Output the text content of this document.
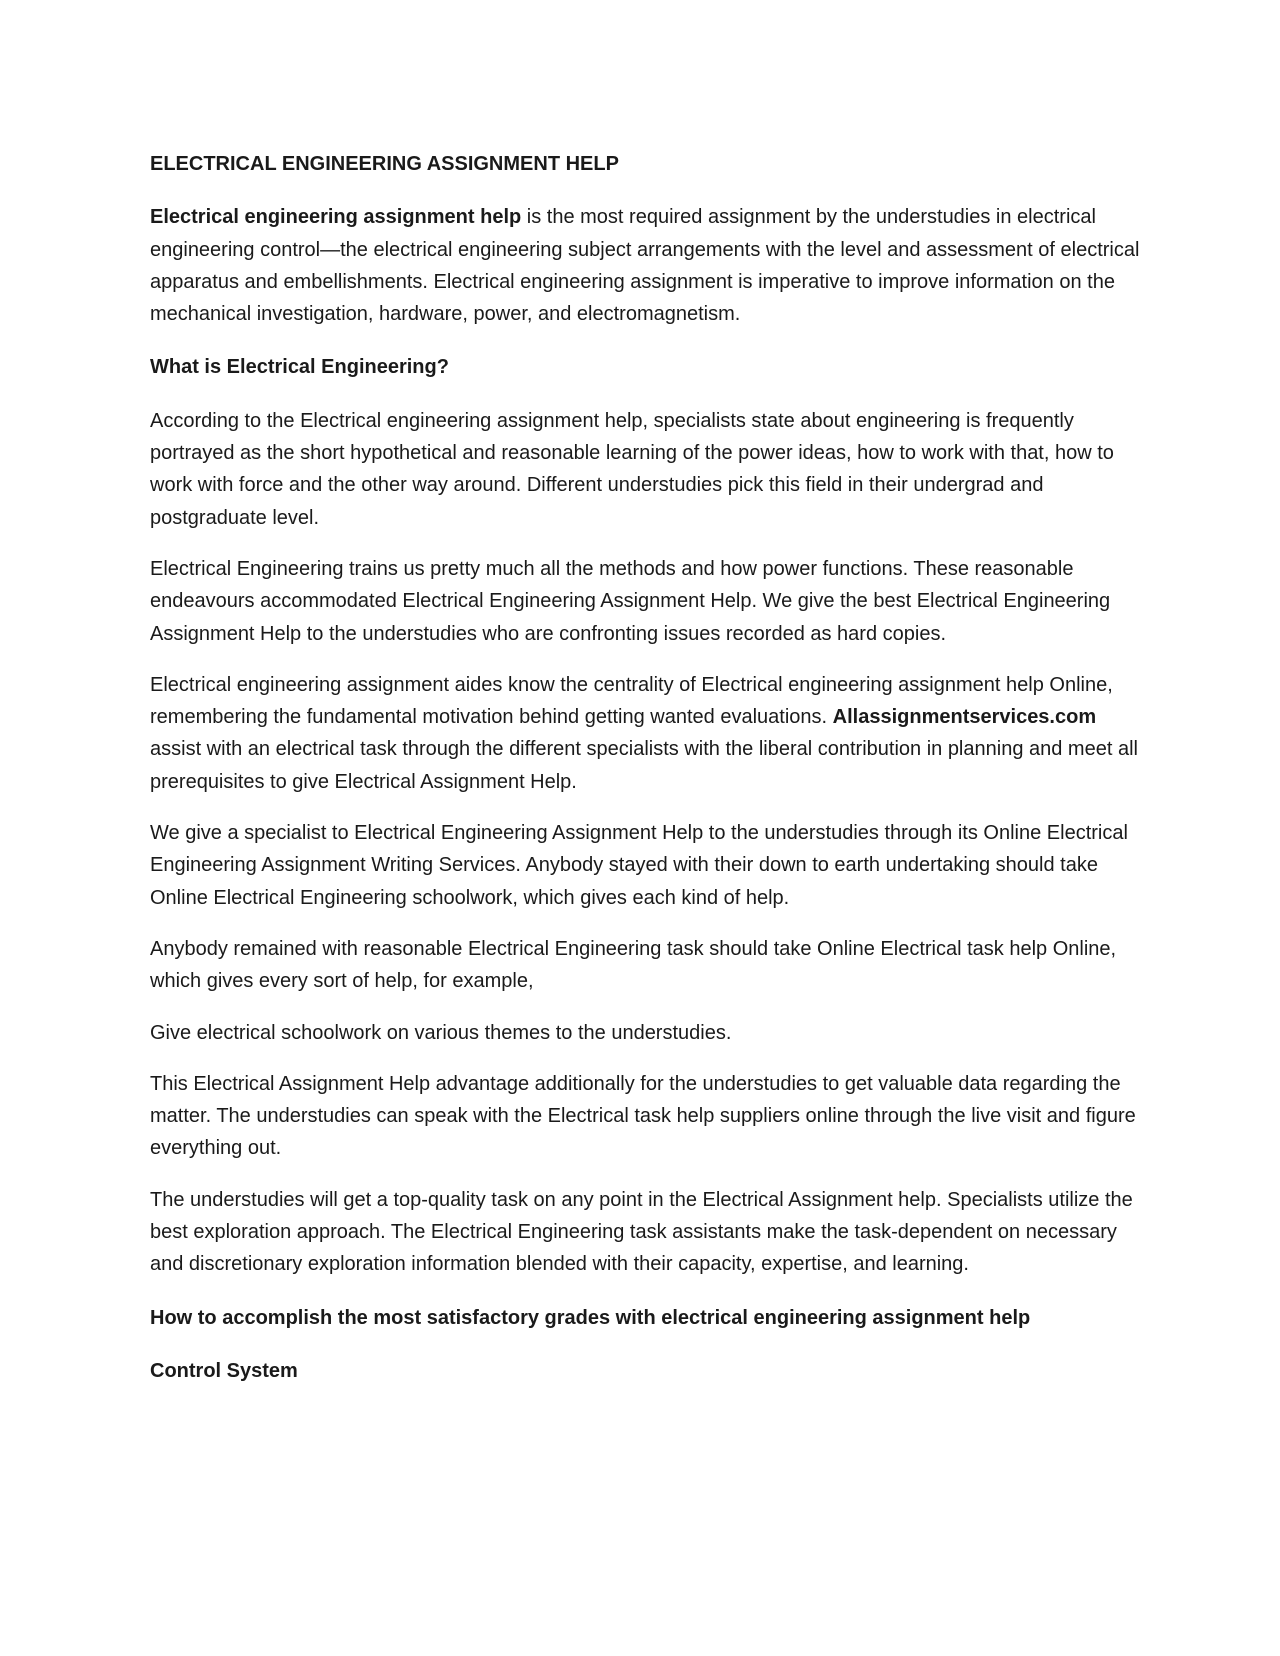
ELECTRICAL ENGINEERING ASSIGNMENT HELP

Electrical engineering assignment help is the most required assignment by the understudies in electrical engineering control—the electrical engineering subject arrangements with the level and assessment of electrical apparatus and embellishments. Electrical engineering assignment is imperative to improve information on the mechanical investigation, hardware, power, and electromagnetism.

What is Electrical Engineering?

According to the Electrical engineering assignment help, specialists state about engineering is frequently portrayed as the short hypothetical and reasonable learning of the power ideas, how to work with that, how to work with force and the other way around. Different understudies pick this field in their undergrad and postgraduate level.

Electrical Engineering trains us pretty much all the methods and how power functions. These reasonable endeavours accommodated Electrical Engineering Assignment Help. We give the best Electrical Engineering Assignment Help to the understudies who are confronting issues recorded as hard copies.

Electrical engineering assignment aides know the centrality of Electrical engineering assignment help Online, remembering the fundamental motivation behind getting wanted evaluations. Allassignmentservices.com assist with an electrical task through the different specialists with the liberal contribution in planning and meet all prerequisites to give Electrical Assignment Help.

We give a specialist to Electrical Engineering Assignment Help to the understudies through its Online Electrical Engineering Assignment Writing Services. Anybody stayed with their down to earth undertaking should take Online Electrical Engineering schoolwork, which gives each kind of help.

Anybody remained with reasonable Electrical Engineering task should take Online Electrical task help Online, which gives every sort of help, for example,

Give electrical schoolwork on various themes to the understudies.

This Electrical Assignment Help advantage additionally for the understudies to get valuable data regarding the matter. The understudies can speak with the Electrical task help suppliers online through the live visit and figure everything out.

The understudies will get a top-quality task on any point in the Electrical Assignment help. Specialists utilize the best exploration approach. The Electrical Engineering task assistants make the task-dependent on necessary and discretionary exploration information blended with their capacity, expertise, and learning.

How to accomplish the most satisfactory grades with electrical engineering assignment help

Control System
